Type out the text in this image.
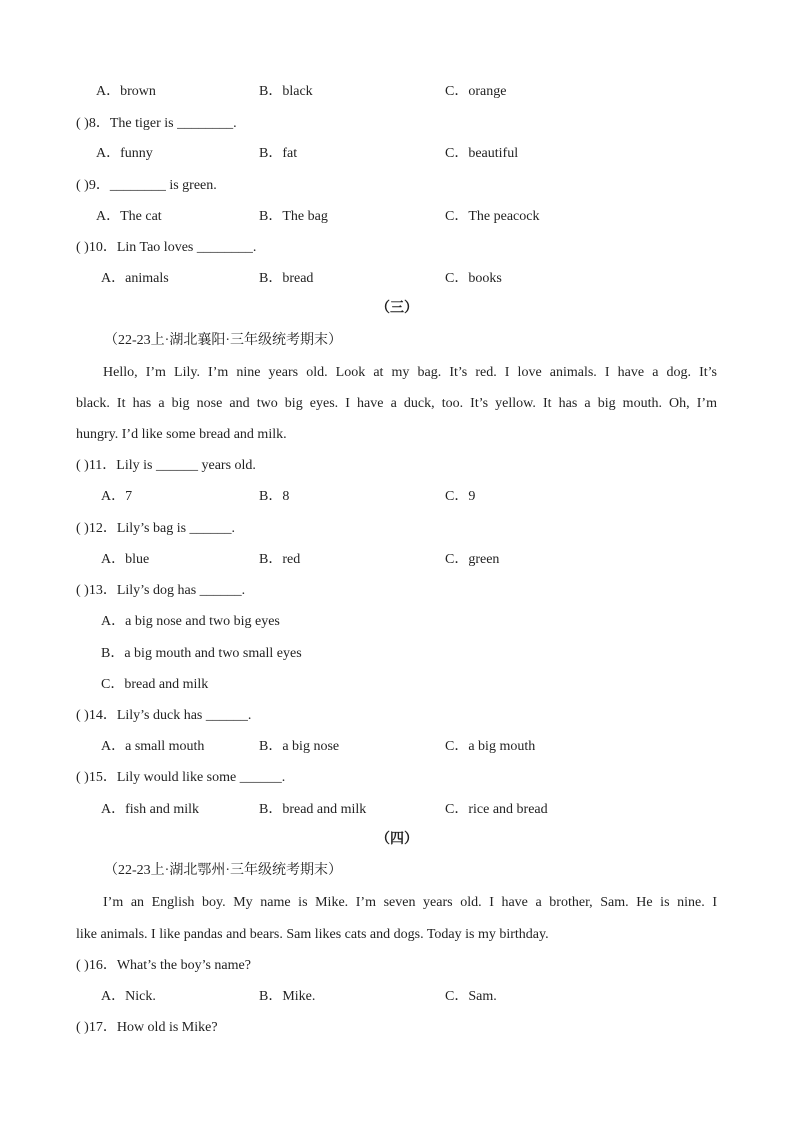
A．brown	B．black	C．orange
( )8．The tiger is ________.
A．funny	B．fat	C．beautiful
( )9．________ is green.
A．The cat	B．The bag	C．The peacock
( )10．Lin Tao loves ________.
A．animals	B．bread	C．books
（三）
（22-23上·湖北襄阳·三年级统考期末）
Hello, I’m Lily. I’m nine years old. Look at my bag. It’s red. I love animals. I have a dog. It’s
black. It has a big nose and two big eyes. I have a duck, too. It’s yellow. It has a big mouth. Oh, I’m
hungry. I’d like some bread and milk.
( )11．Lily is ______ years old.
A．7	B．8	C．9
( )12．Lily’s bag is ______.
A．blue	B．red	C．green
( )13．Lily’s dog has ______.
A．a big nose and two big eyes
B．a big mouth and two small eyes
C．bread and milk
( )14．Lily’s duck has ______.
A．a small mouth	B．a big nose	C．a big mouth
( )15．Lily would like some ______.
A．fish and milk	B．bread and milk	C．rice and bread
（四）
（22-23上·湖北鄂州·三年级统考期末）
I’m an English boy. My name is Mike. I’m seven years old. I have a brother, Sam. He is nine. I
like animals. I like pandas and bears. Sam likes cats and dogs. Today is my birthday.
( )16．What’s the boy’s name?
A．Nick.	B．Mike.	C．Sam.
( )17．How old is Mike?
